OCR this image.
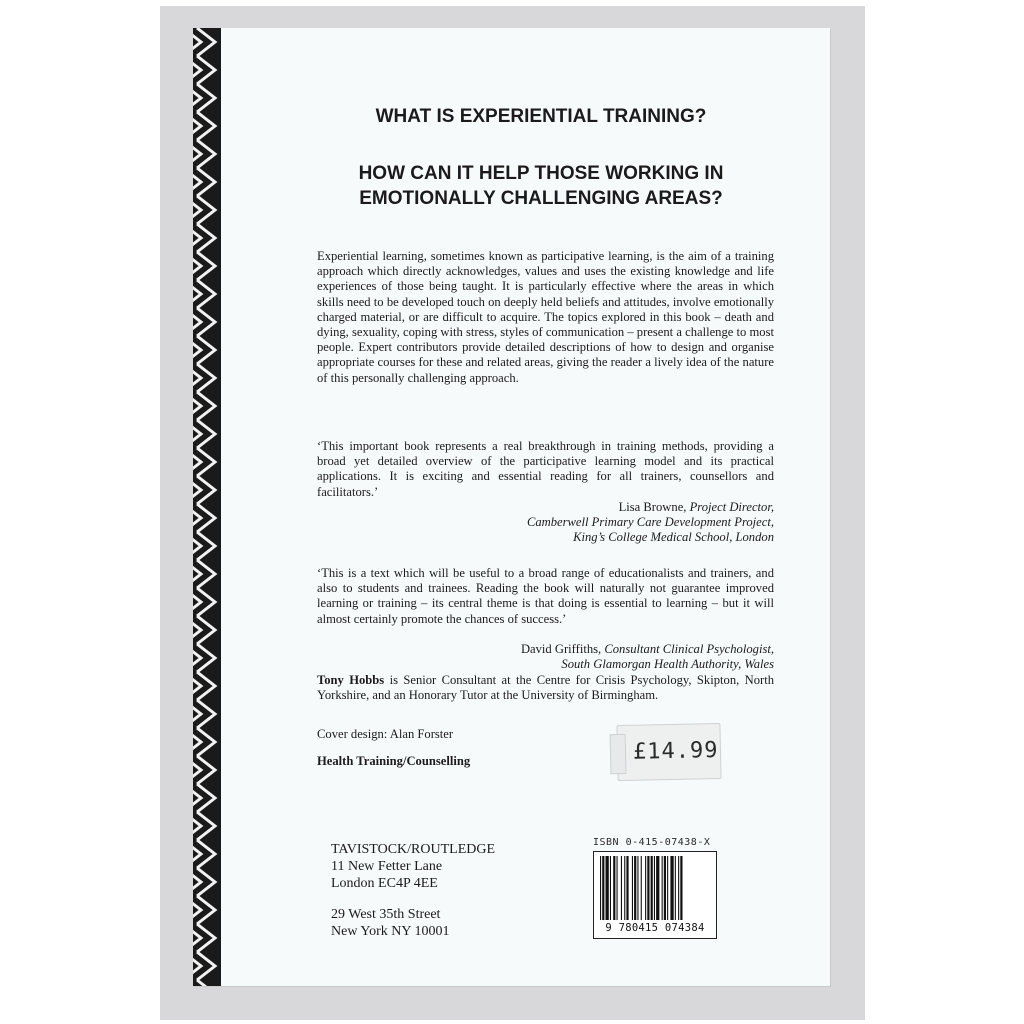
WHAT IS EXPERIENTIAL TRAINING?

HOW CAN IT HELP THOSE WORKING IN EMOTIONALLY CHALLENGING AREAS?

Experiential learning, sometimes known as participative learning, is the aim of a training approach which directly acknowledges, values and uses the existing knowledge and life experiences of those being taught. It is particularly effective where the areas in which skills need to be developed touch on deeply held beliefs and attitudes, involve emotionally charged material, or are difficult to acquire. The topics explored in this book – death and dying, sexuality, coping with stress, styles of communication – present a challenge to most people. Expert contributors provide detailed descriptions of how to design and organise appropriate courses for these and related areas, giving the reader a lively idea of the nature of this personally challenging approach.

‘This important book represents a real breakthrough in training methods, providing a broad yet detailed overview of the participative learning model and its practical applications. It is exciting and essential reading for all trainers, counsellors and facilitators.’

Lisa Browne, Project Director,

Camberwell Primary Care Development Project,

King’s College Medical School, London

‘This is a text which will be useful to a broad range of educationalists and trainers, and also to students and trainees. Reading the book will naturally not guarantee improved learning or training – its central theme is that doing is essential to learning – but it will almost certainly promote the chances of success.’

David Griffiths, Consultant Clinical Psychologist,

South Glamorgan Health Authority, Wales

Tony Hobbs is Senior Consultant at the Centre for Crisis Psychology, Skipton, North Yorkshire, and an Honorary Tutor at the University of Birmingham.

Cover design: Alan Forster

Health Training/Counselling	£14.99

TAVISTOCK/ROUTLEDGE

11 New Fetter Lane

London EC4P 4EE

29 West 35th Street

New York NY 10001

ISBN 0-415-07438-X
9 780415 074384
